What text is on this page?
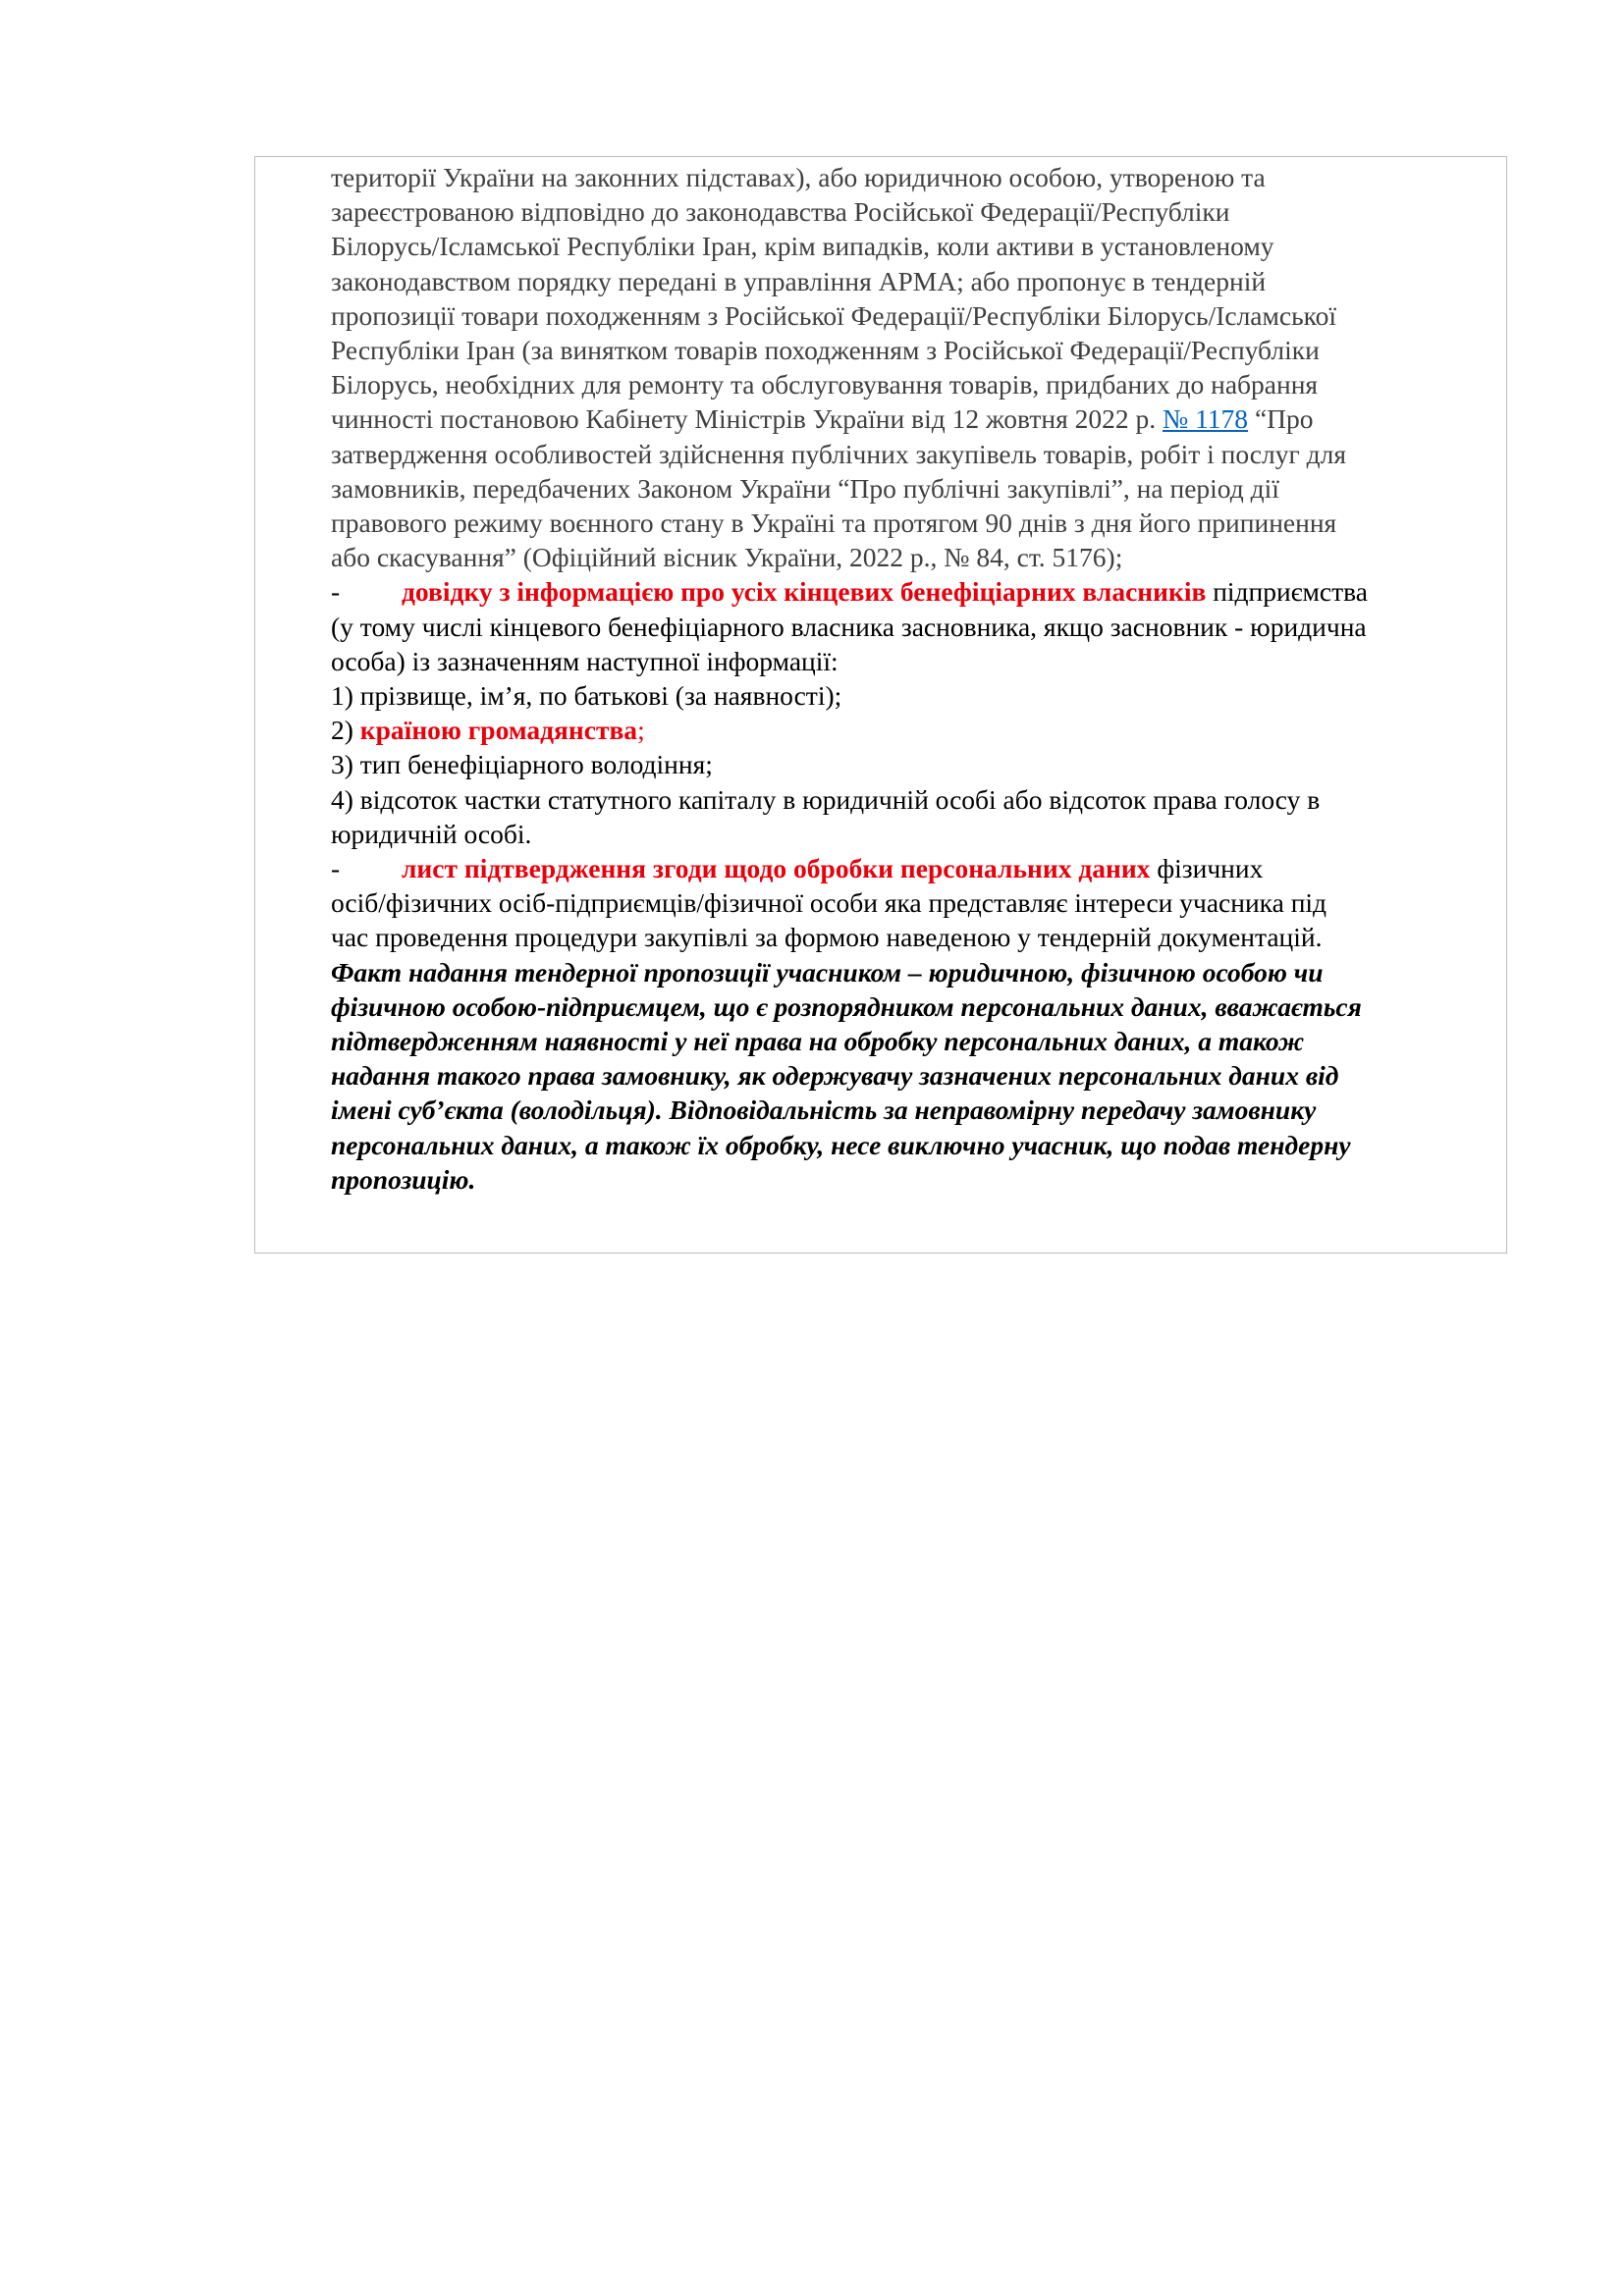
території України на законних підставах), або юридичною особою, утвореною та
зареєстрованою відповідно до законодавства Російської Федерації/Республіки
Білорусь/Ісламської Республіки Іран, крім випадків, коли активи в установленому
законодавством порядку передані в управління АРМА; або пропонує в тендерній
пропозиції товари походженням з Російської Федерації/Республіки Білорусь/Ісламської
Республіки Іран (за винятком товарів походженням з Російської Федерації/Республіки
Білорусь, необхідних для ремонту та обслуговування товарів, придбаних до набрання
чинності постановою Кабінету Міністрів України від 12 жовтня 2022 р. № 1178 “Про
затвердження особливостей здійснення публічних закупівель товарів, робіт і послуг для
замовників, передбачених Законом України “Про публічні закупівлі”, на період дії
правового режиму воєнного стану в Україні та протягом 90 днів з дня його припинення
або скасування” (Офіційний вісник України, 2022 р., № 84, ст. 5176);
- довідку з інформацією про усіх кінцевих бенефіціарних власників підприємства
(у тому числі кінцевого бенефіціарного власника засновника, якщо засновник - юридична
особа) із зазначенням наступної інформації:
1) прізвище, ім’я, по батькові (за наявності);
2) країною громадянства;
3) тип бенефіціарного володіння;
4) відсоток частки статутного капіталу в юридичній особі або відсоток права голосу в
юридичній особі.
- лист підтвердження згоди щодо обробки персональних даних фізичних
осіб/фізичних осіб-підприємців/фізичної особи яка представляє інтереси учасника під
час проведення процедури закупівлі за формою наведеною у тендерній документацій.
Факт надання тендерної пропозиції учасником – юридичною, фізичною особою чи
фізичною особою-підприємцем, що є розпорядником персональних даних, вважається
підтвердженням наявності у неї права на обробку персональних даних, а також
надання такого права замовнику, як одержувачу зазначених персональних даних від
імені суб’єкта (володільця). Відповідальність за неправомірну передачу замовнику
персональних даних, а також їх обробку, несе виключно учасник, що подав тендерну
пропозицію.
